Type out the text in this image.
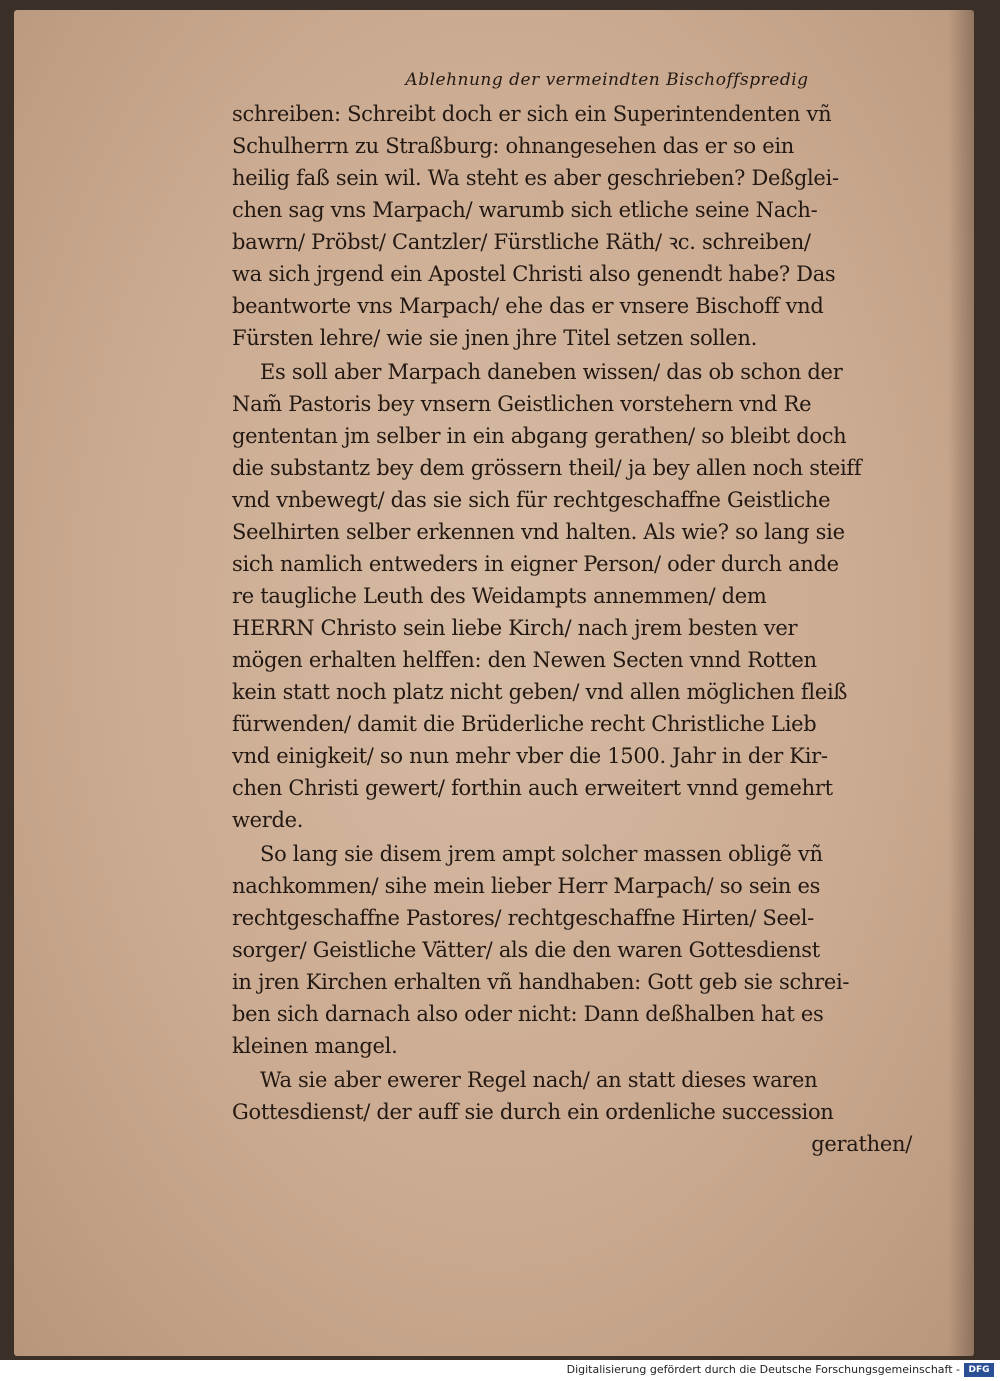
Ablehnung der vermeindten Bischoffspredig
schreiben: Schreibt doch er sich ein Superintendenten vñ
Schulherrn zu Straßburg: ohnangesehen das er so ein
heilig faß sein wil. Wa steht es aber geschrieben? Deßglei-
chen sag vns Marpach/ warumb sich etliche seine Nach-
bawrn/ Pröbst/ Cantzler/ Fürstliche Räth/ ꝛc. schreiben/
wa sich jrgend ein Apostel Christi also genendt habe? Das
beantworte vns Marpach/ ehe das er vnsere Bischoff vnd
Fürsten lehre/ wie sie jnen jhre Titel setzen sollen.
Es soll aber Marpach daneben wissen/ das ob schon der
Nam̃ Pastoris bey vnsern Geistlichen vorstehern vnd Re
gententan jm selber in ein abgang gerathen/ so bleibt doch
die substantz bey dem grössern theil/ ja bey allen noch steiff
vnd vnbewegt/ das sie sich für rechtgeschaffne Geistliche
Seelhirten selber erkennen vnd halten. Als wie? so lang sie
sich namlich entweders in eigner Person/ oder durch ande
re taugliche Leuth des Weidampts annemmen/ dem
HERRN Christo sein liebe Kirch/ nach jrem besten ver
mögen erhalten helffen: den Newen Secten vnnd Rotten
kein statt noch platz nicht geben/ vnd allen möglichen fleiß
fürwenden/ damit die Brüderliche recht Christliche Lieb
vnd einigkeit/ so nun mehr vber die 1500. Jahr in der Kir-
chen Christi gewert/ forthin auch erweitert vnnd gemehrt
werde.
So lang sie disem jrem ampt solcher massen obligẽ vñ
nachkommen/ sihe mein lieber Herr Marpach/ so sein es
rechtgeschaffne Pastores/ rechtgeschaffne Hirten/ Seel-
sorger/ Geistliche Vätter/ als die den waren Gottesdienst
in jren Kirchen erhalten vñ handhaben: Gott geb sie schrei-
ben sich darnach also oder nicht: Dann deßhalben hat es
kleinen mangel.
Wa sie aber ewerer Regel nach/ an statt dieses waren
Gottesdienst/ der auff sie durch ein ordenliche succession
gerathen/
Digitalisierung gefördert durch die Deutsche Forschungsgemeinschaft - DFG
